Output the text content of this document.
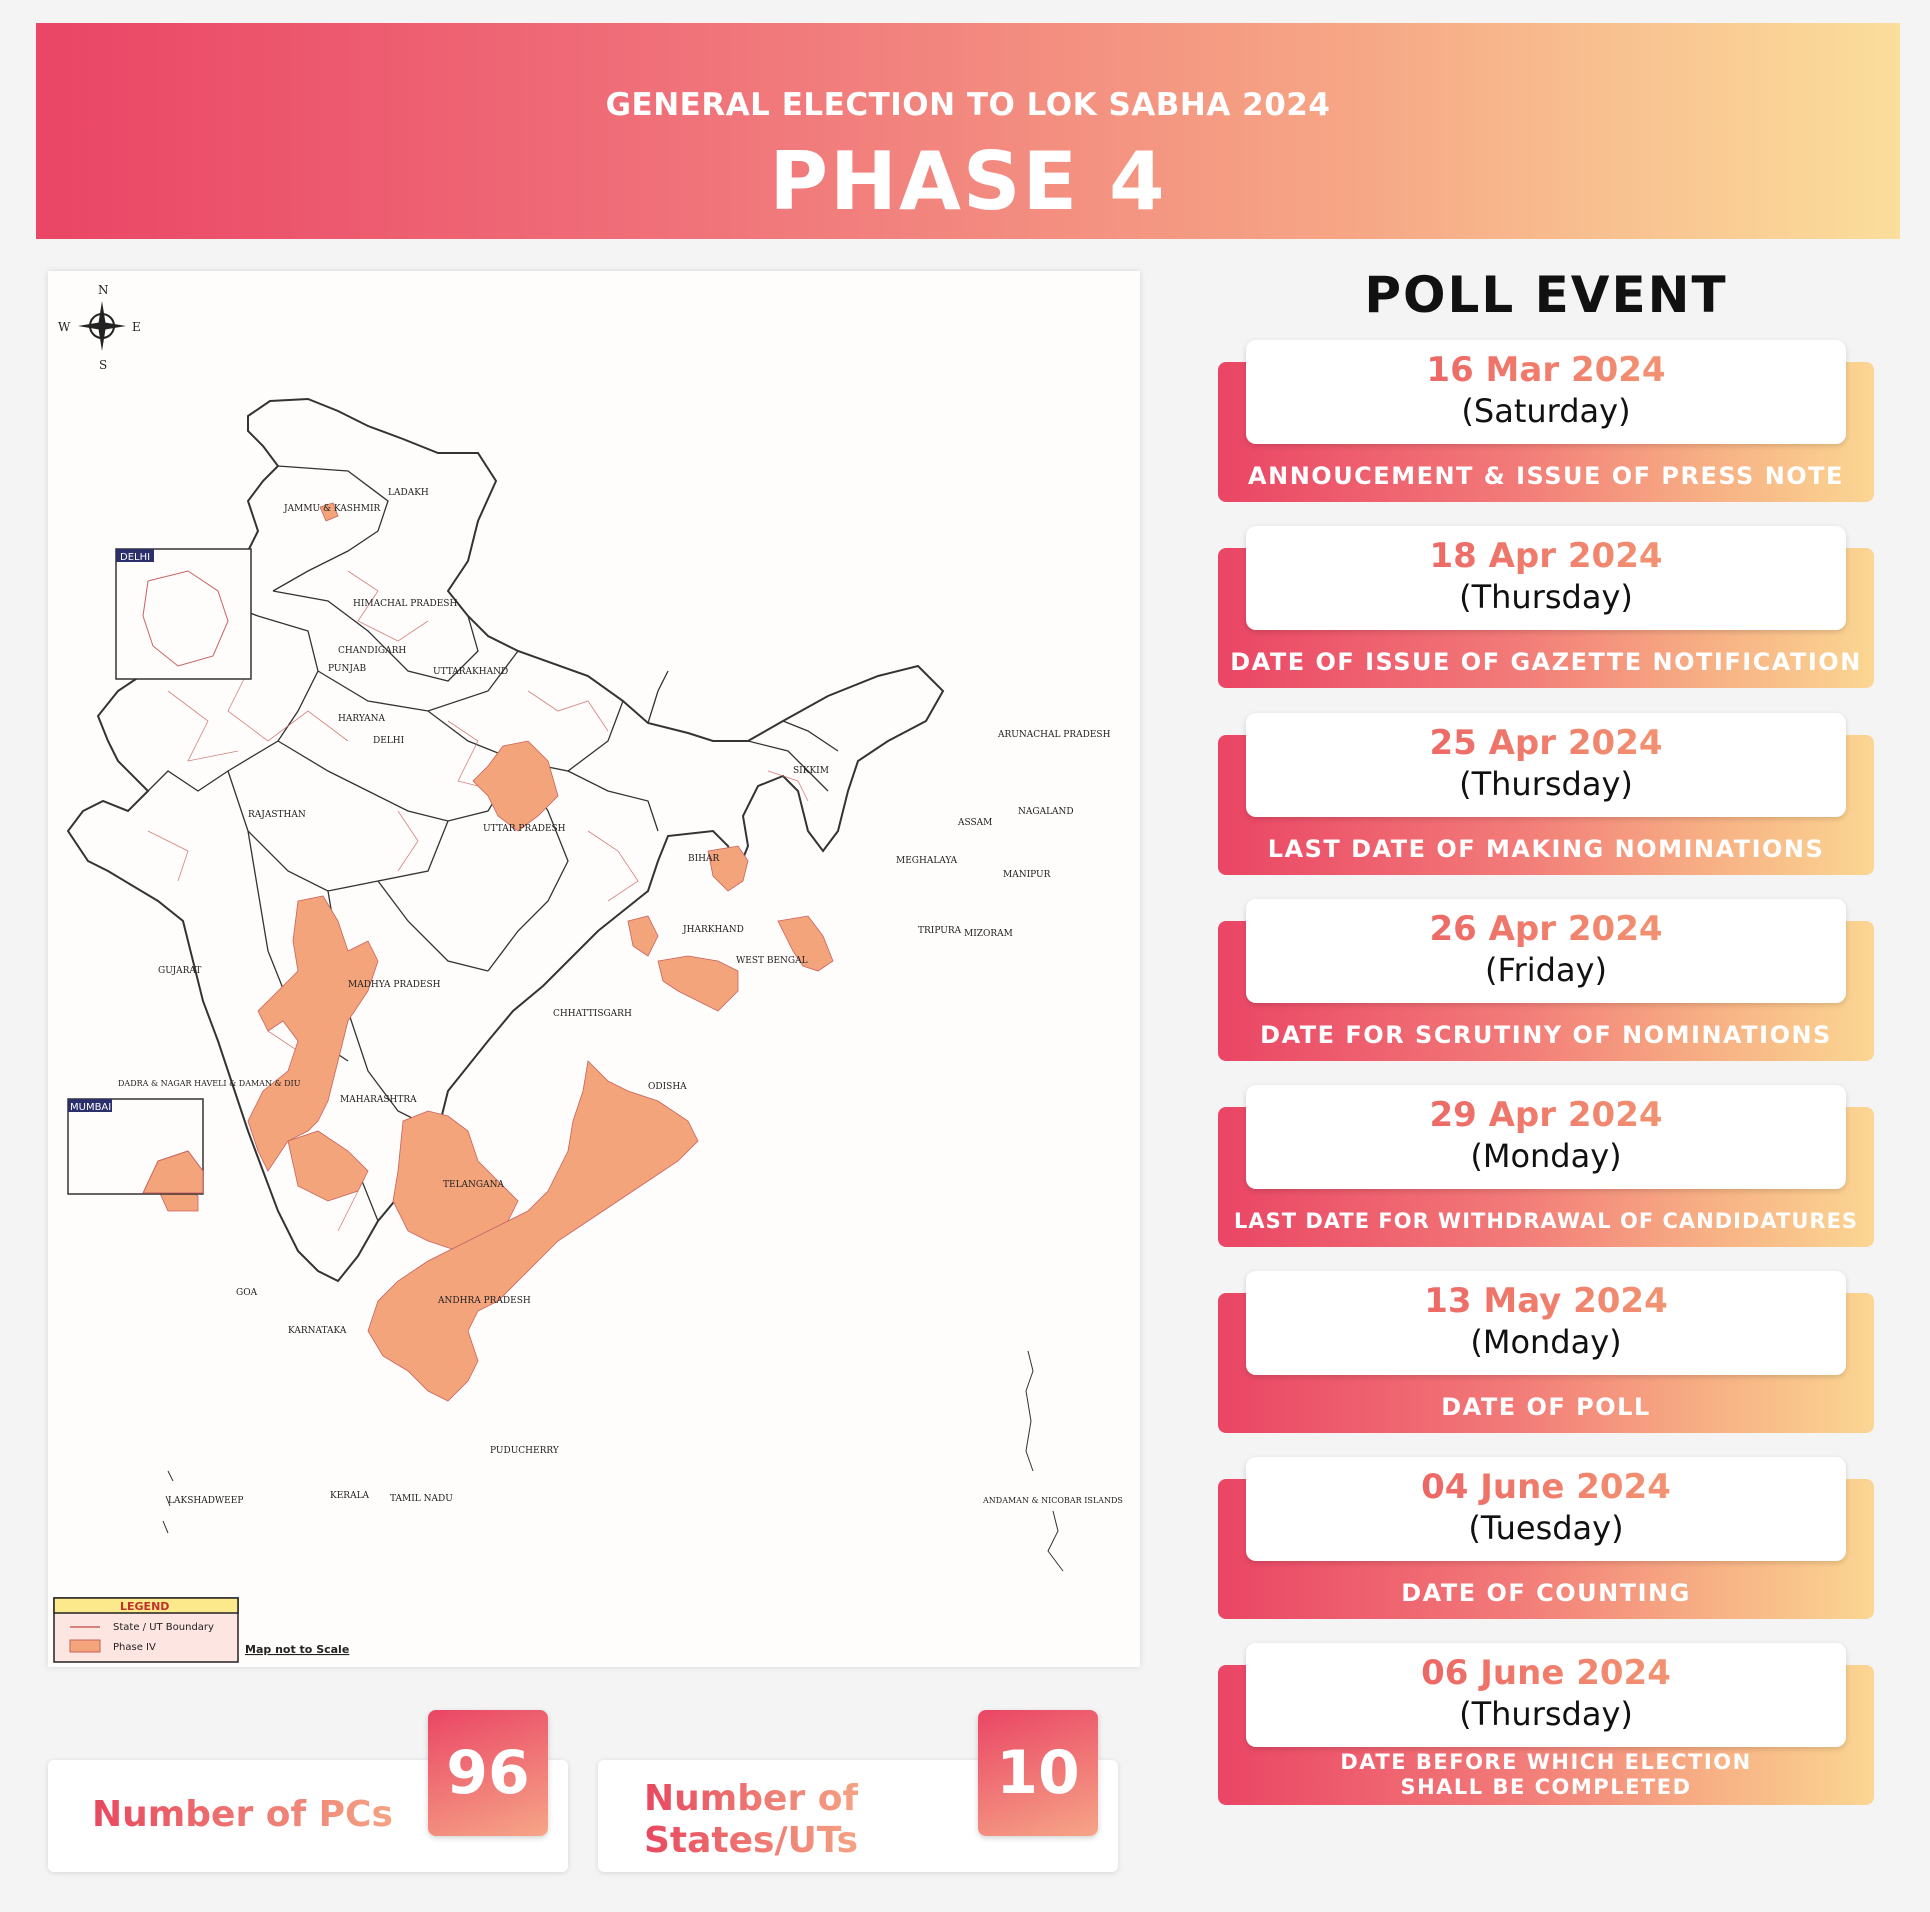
GENERAL ELECTION TO LOK SABHA 2024
PHASE 4
N
S
E
W
DELHI
MUMBAI
LADAKH
JAMMU & KASHMIR
HIMACHAL PRADESH
PUNJAB
CHANDIGARH
UTTARAKHAND
HARYANA
DELHI
RAJASTHAN
UTTAR PRADESH
BIHAR
SIKKIM
ARUNACHAL PRADESH
ASSAM
NAGALAND
MEGHALAYA
MANIPUR
TRIPURA MIZORAM
GUJARAT
MADHYA PRADESH
JHARKHAND
WEST BENGAL
CHHATTISGARH
DADRA & NAGAR HAVELI & DAMAN & DIU	ODISHA
MAHARASHTRA
TELANGANA
GOA
ANDHRA PRADESH
KARNATAKA
PUDUCHERRY
LAKSHADWEEP	KERALA TAMIL NADU	ANDAMAN & NICOBAR ISLANDS
LEGEND
State / UT Boundary
Phase IV	Map not to Scale
POLL EVENT
16 Mar 2024
(Saturday)
ANNOUCEMENT & ISSUE OF PRESS NOTE
18 Apr 2024
(Thursday)
DATE OF ISSUE OF GAZETTE NOTIFICATION
25 Apr 2024
(Thursday)
LAST DATE OF MAKING NOMINATIONS
26 Apr 2024
(Friday)
DATE FOR SCRUTINY OF NOMINATIONS
29 Apr 2024
(Monday)
LAST DATE FOR WITHDRAWAL OF CANDIDATURES
13 May 2024
(Monday)
DATE OF POLL
04 June 2024
(Tuesday)
DATE OF COUNTING
06 June 2024
(Thursday)
DATE BEFORE WHICH ELECTION
SHALL BE COMPLETED
Number of PCs
96	Number of
States/UTs
10
